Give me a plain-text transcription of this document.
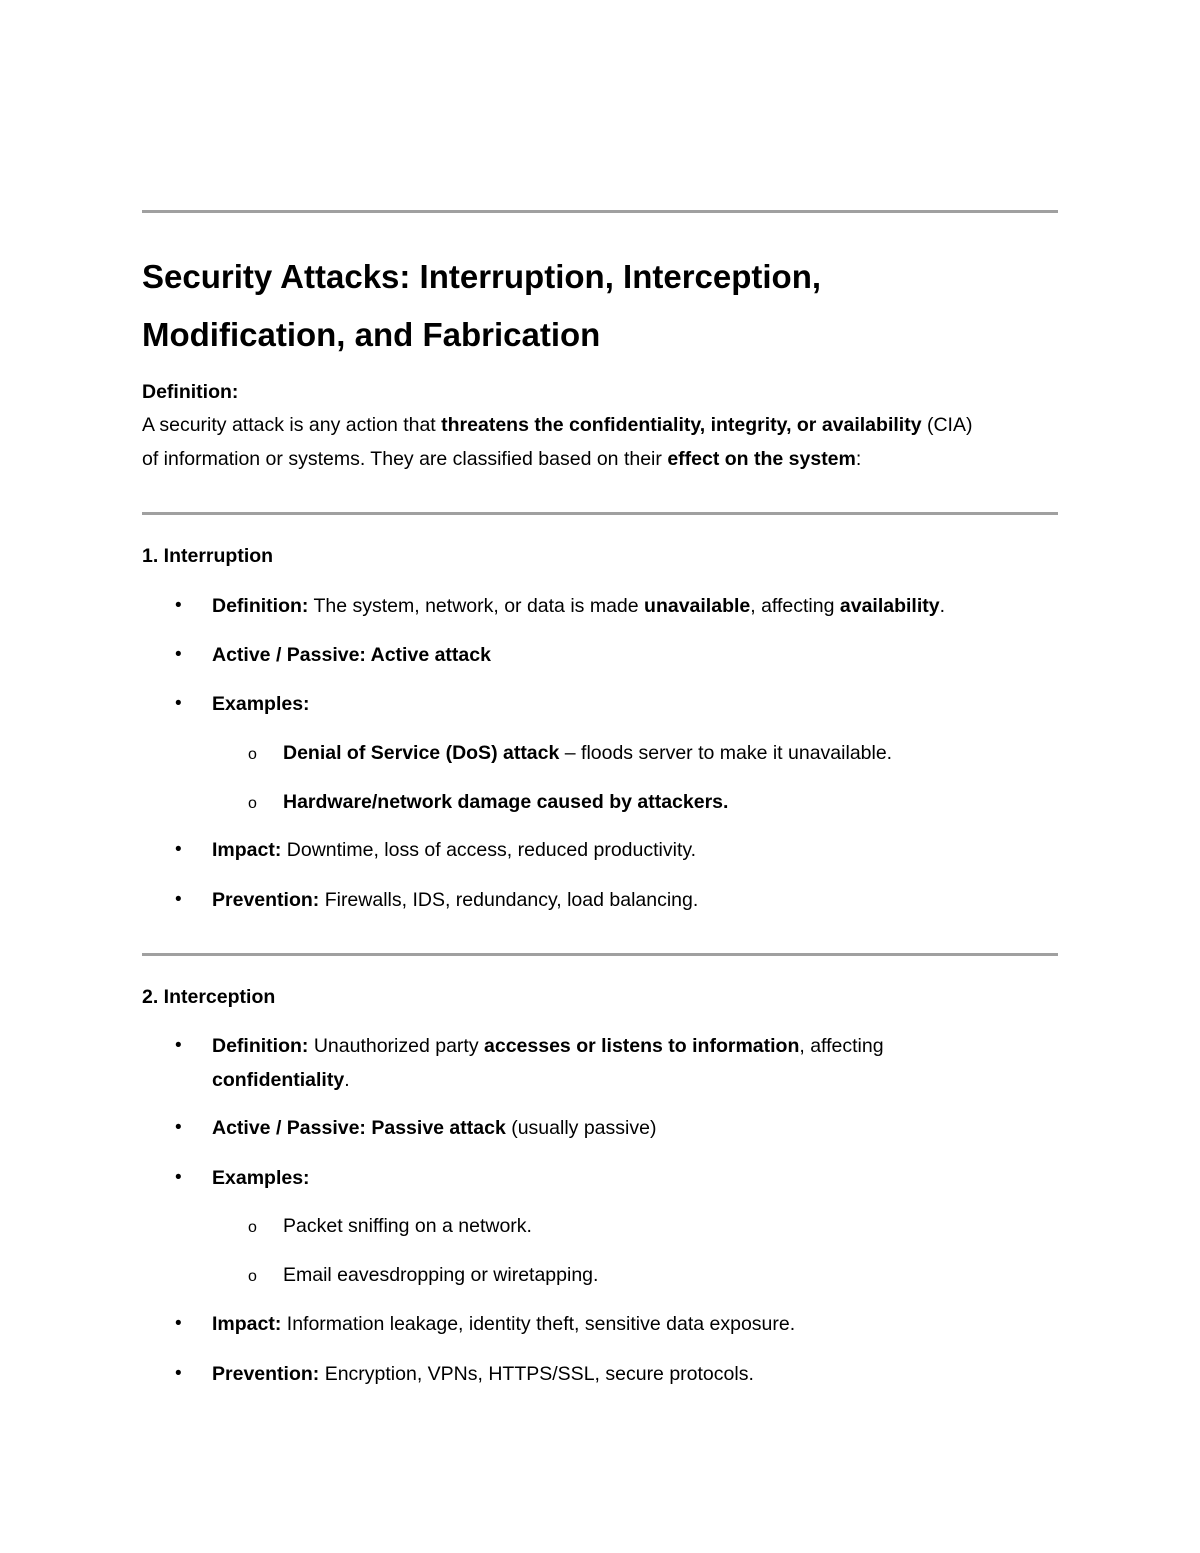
Security Attacks: Interruption, Interception,
Modification, and Fabrication

Definition:

A security attack is any action that threatens the confidentiality, integrity, or availability (CIA)
of information or systems. They are classified based on their effect on the system:

1. Interruption
• Definition: The system, network, or data is made unavailable, affecting availability.
• Active / Passive: Active attack
• Examples:
o Denial of Service (DoS) attack – floods server to make it unavailable.
o Hardware/network damage caused by attackers.
• Impact: Downtime, loss of access, reduced productivity.
• Prevention: Firewalls, IDS, redundancy, load balancing.
2. Interception
• Definition: Unauthorized party accesses or listens to information, affecting
confidentiality.
• Active / Passive: Passive attack (usually passive)
• Examples:
o Packet sniffing on a network.
o Email eavesdropping or wiretapping.
• Impact: Information leakage, identity theft, sensitive data exposure.
• Prevention: Encryption, VPNs, HTTPS/SSL, secure protocols.
